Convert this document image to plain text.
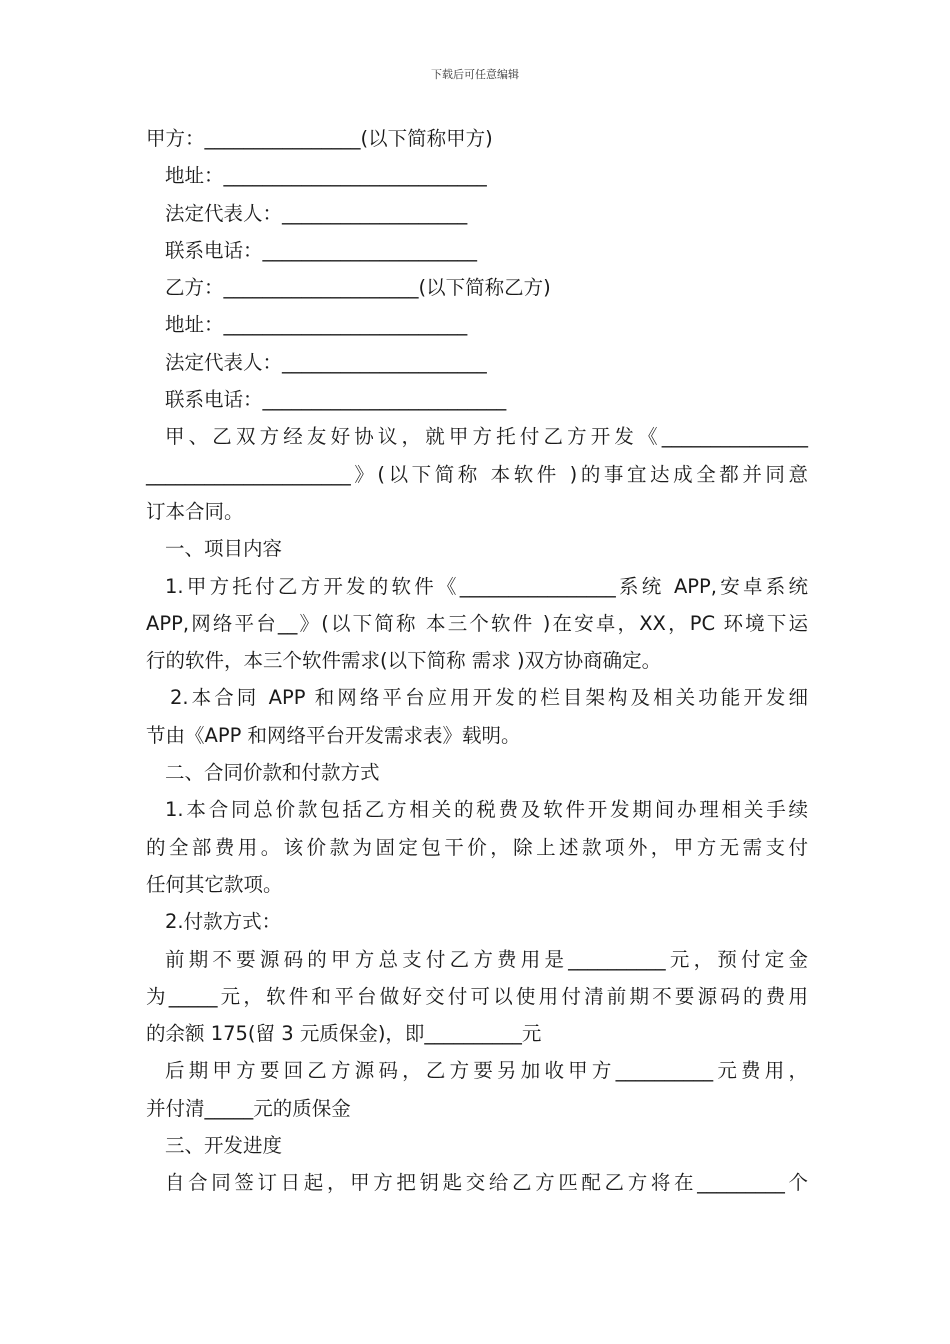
下载后可任意编辑

甲方：________________(以下简称甲方)

地址：___________________________

法定代表人：___________________

联系电话：______________________

乙方：____________________(以下简称乙方)

地址：_________________________

法定代表人：_____________________

联系电话：_________________________

甲、乙双方经友好协议，就甲方托付乙方开发《_______________

_____________________》(以下简称 本软件 )的事宜达成全都并同意

订本合同。

一、项目内容

1.甲方托付乙方开发的软件《________________系统 APP,安卓系统

APP,网络平台__》(以下简称 本三个软件 )在安卓，XX，PC 环境下运

行的软件，本三个软件需求(以下简称 需求 )双方协商确定。

2.本合同 APP 和网络平台应用开发的栏目架构及相关功能开发细

节由《APP 和网络平台开发需求表》载明。

二、合同价款和付款方式

1.本合同总价款包括乙方相关的税费及软件开发期间办理相关手续

的全部费用。该价款为固定包干价，除上述款项外，甲方无需支付

任何其它款项。

2.付款方式：

前期不要源码的甲方总支付乙方费用是__________元，预付定金

为_____元，软件和平台做好交付可以使用付清前期不要源码的费用

的余额 175(留 3 元质保金)，即__________元

后期甲方要回乙方源码，乙方要另加收甲方__________元费用，

并付清_____元的质保金

三、开发进度

自合同签订日起，甲方把钥匙交给乙方匹配乙方将在_________个
